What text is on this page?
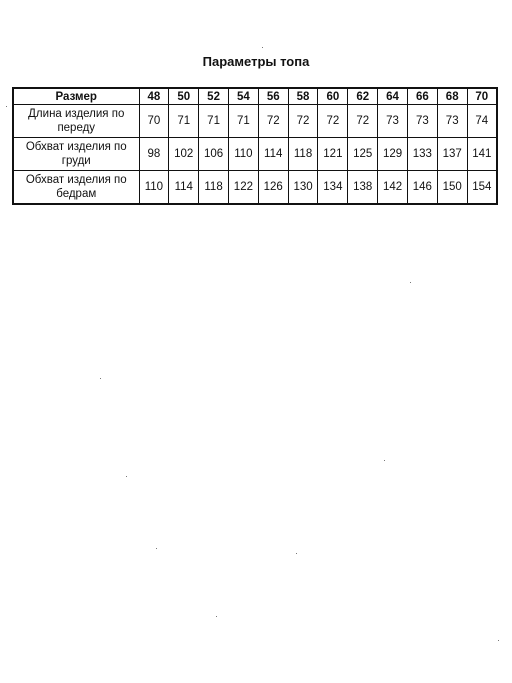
Параметры топа
Размер	48	50	52	54	56	58	60	62	64	66	68	70
Длина изделия по переду	70	71	71	71	72	72	72	72	73	73	73	74
Обхват изделия по груди	98	102	106	110	114	118	121	125	129	133	137	141
Обхват изделия по бедрам	110	114	118	122	126	130	134	138	142	146	150	154
